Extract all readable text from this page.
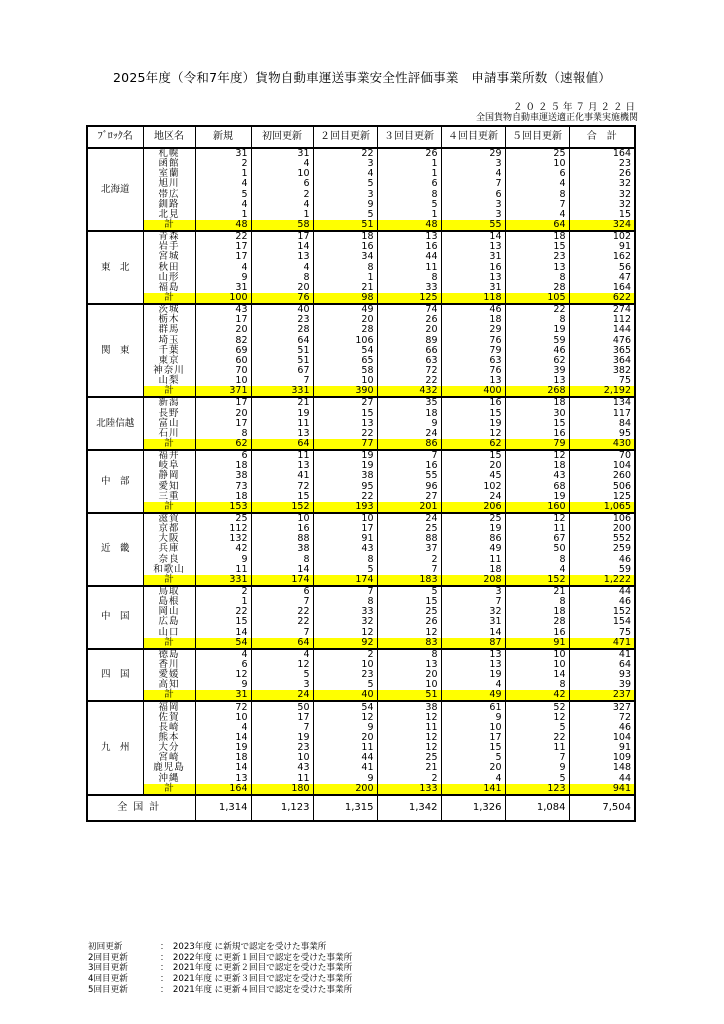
2025年度（令和7年度）貨物自動車運送事業安全性評価事業　申請事業所数（速報値）
２０２５年７月２２日
全国貨物自動車運送適正化事業実施機関
ﾌﾞﾛｯｸ名	地区名	新規	初回更新	２回目更新	３回目更新	４回目更新	５回目更新	合　計
北海道	札幌	31	31	22	26	29	25	164
	函館	2	4	3	1	3	10	23
	室蘭	1	10	4	1	4	6	26
	旭川	4	6	5	6	7	4	32
	帯広	5	2	3	8	6	8	32
	釧路	4	4	9	5	3	7	32
	北見	1	1	5	1	3	4	15
	計	48	58	51	48	55	64	324
東　北	青森	22	17	18	13	14	18	102
	岩手	17	14	16	16	13	15	91
	宮城	17	13	34	44	31	23	162
	秋田	4	4	8	11	16	13	56
	山形	9	8	1	8	13	8	47
	福島	31	20	21	33	31	28	164
	計	100	76	98	125	118	105	622
関　東	茨城	43	40	49	74	46	22	274
	栃木	17	23	20	26	18	8	112
	群馬	20	28	28	20	29	19	144
	埼玉	82	64	106	89	76	59	476
	千葉	69	51	54	66	79	46	365
	東京	60	51	65	63	63	62	364
	神奈川	70	67	58	72	76	39	382
	山梨	10	7	10	22	13	13	75
	計	371	331	390	432	400	268	2,192
北陸信越	新潟	17	21	27	35	16	18	134
	長野	20	19	15	18	15	30	117
	富山	17	11	13	9	19	15	84
	石川	8	13	22	24	12	16	95
	計	62	64	77	86	62	79	430
中　部	福井	6	11	19	7	15	12	70
	岐阜	18	13	19	16	20	18	104
	静岡	38	41	38	55	45	43	260
	愛知	73	72	95	96	102	68	506
	三重	18	15	22	27	24	19	125
	計	153	152	193	201	206	160	1,065
近　畿	滋賀	25	10	10	24	25	12	106
	京都	112	16	17	25	19	11	200
	大阪	132	88	91	88	86	67	552
	兵庫	42	38	43	37	49	50	259
	奈良	9	8	8	2	11	8	46
	和歌山	11	14	5	7	18	4	59
	計	331	174	174	183	208	152	1,222
中　国	鳥取	2	6	7	5	3	21	44
	島根	1	7	8	15	7	8	46
	岡山	22	22	33	25	32	18	152
	広島	15	22	32	26	31	28	154
	山口	14	7	12	12	14	16	75
	計	54	64	92	83	87	91	471
四　国	徳島	4	4	2	8	13	10	41
	香川	6	12	10	13	13	10	64
	愛媛	12	5	23	20	19	14	93
	高知	9	3	5	10	4	8	39
	計	31	24	40	51	49	42	237
九　州	福岡	72	50	54	38	61	52	327
	佐賀	10	17	12	12	9	12	72
	長崎	4	7	9	11	10	5	46
	熊本	14	19	20	12	17	22	104
	大分	19	23	11	12	15	11	91
	宮崎	18	10	44	25	5	7	109
	鹿児島	14	43	41	21	20	9	148
	沖縄	13	11	9	2	4	5	44
	計	164	180	200	133	141	123	941
全国計		1,314	1,123	1,315	1,342	1,326	1,084	7,504
初回更新	：　2023年度 に新規で認定を受けた事業所
2回目更新	：　2022年度 に更新１回目で認定を受けた事業所
3回目更新	：　2021年度 に更新２回目で認定を受けた事業所
4回目更新	：　2021年度 に更新３回目で認定を受けた事業所
5回目更新	：　2021年度 に更新４回目で認定を受けた事業所
